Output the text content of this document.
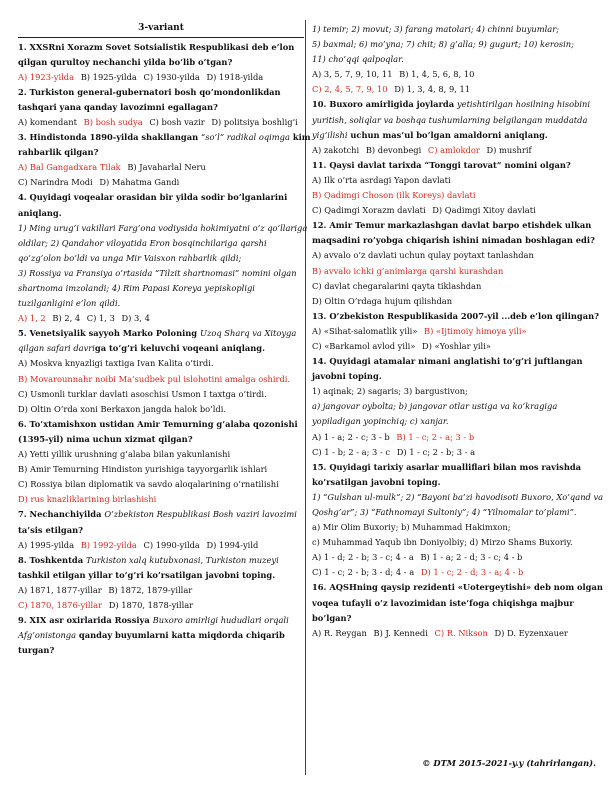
3-variant
1. XXSRni Xorazm Sovet Sotsialistik Respublikasi deb e’lon
qilgan qurultoy nechanchi yilda bo’lib o’tgan?
A) 1923-yilda B) 1925-yilda C) 1930-yilda D) 1918-yilda
2. Turkiston general-gubernatori bosh qo’mondonlikdan
tashqari yana qanday lavozimni egallagan?
A) komendant B) bosh sudya C) bosh vazir D) politsiya boshlig’i
3. Hindistonda 1890-yilda shakllangan “so’l” radikal oqimga kim
rahbarlik qilgan?
A) Bal Gangadxara Tilak B) Javaharlal Neru
C) Narindra Modi D) Mahatma Gandi
4. Quyidagi voqealar orasidan bir yilda sodir bo’lganlarini
aniqlang.
1) Ming urug’i vakillari Farg’ona vodiysida hokimiyatni o’z qo’llariga
oldilar; 2) Qandahor viloyatida Eron bosqinchilariga qarshi
qo’zg’olon bo’ldi va unga Mir Vaisxon rahbarlik qildi;
3) Rossiya va Fransiya o’rtasida “Tilzit shartnomasi” nomini olgan
shartnoma imzolandi; 4) Rim Papasi Koreya yepiskopligi
tuzilganligini e’lon qildi.
A) 1, 2 B) 2, 4 C) 1, 3 D) 3, 4
5. Venetsiyalik sayyoh Marko Poloning Uzoq Sharq va Xitoyga
qilgan safari davriga to’g’ri keluvchi voqeani aniqlang.
A) Moskva knyazligi taxtiga Ivan Kalita o’tirdi.
B) Movarounnahr noibi Ma’sudbek pul islohotini amalga oshirdi.
C) Usmonli turklar davlati asoschisi Usmon I taxtga o’tirdi.
D) Oltin O’rda xoni Berkaxon jangda halok bo’ldi.
6. To’xtamishxon ustidan Amir Temurning g’alaba qozonishi
(1395-yil) nima uchun xizmat qilgan?
A) Yetti yillik urushning g’alaba bilan yakunlanishi
B) Amir Temurning Hindiston yurishiga tayyorgarlik ishlari
C) Rossiya bilan diplomatik va savdo aloqalarining o’rnatilishi
D) rus knazliklarining birlashishi
7. Nechanchiyilda O’zbekiston Respublikasi Bosh vaziri lavozimi
ta’sis etilgan?
A) 1995-yilda B) 1992-yilda C) 1990-yilda D) 1994-yild
8. Toshkentda Turkiston xalq kutubxonasi, Turkiston muzeyi
tashkil etilgan yillar to’g’ri ko’rsatilgan javobni toping.
A) 1871, 1877-yillar B) 1872, 1879-yillar
C) 1870, 1876-yillar D) 1870, 1878-yillar
9. XIX asr oxirlarida Rossiya Buxoro amirligi hududlari orqali
Afg’onistonga qanday buyumlarni katta miqdorda chiqarib
turgan?
1) temir; 2) movut; 3) farang matolari; 4) chinni buyumlar;
5) baxmal; 6) mo’yna; 7) chit; 8) g’alla; 9) gugurt; 10) kerosin;
11) cho’qqi qalpoqlar.
A) 3, 5, 7, 9, 10, 11 B) 1, 4, 5, 6, 8, 10
C) 2, 4, 5, 7, 9, 10 D) 1, 3, 4, 8, 9, 11
10. Buxoro amirligida joylarda yetishtirilgan hosilning hisobini
yuritish, soliqlar va boshqa tushumlarning belgilangan muddatda
yig’ilishi uchun mas’ul bo’lgan amaldorni aniqlang.
A) zakotchi B) devonbegi C) amlokdor D) mushrif
11. Qaysi davlat tarixda “Tonggi tarovat” nomini olgan?
A) Ilk o’rta asrdagi Yapon davlati
B) Qadimgi Choson (ilk Koreys) davlati
C) Qadimgi Xorazm davlati D) Qadimgi Xitoy davlati
12. Amir Temur markazlashgan davlat barpo etishdek ulkan
maqsadini ro’yobga chiqarish ishini nimadan boshlagan edi?
A) avvalo o’z davlati uchun qulay poytaxt tanlashdan
B) avvalo ichki g’animlarga qarshi kurashdan
C) davlat chegaralarini qayta tiklashdan
D) Oltin O’rdaga hujum qilishdan
13. O’zbekiston Respublikasida 2007-yil ...deb e’lon qilingan?
A) «Sihat-salomatlik yili» B) «Ijtimoiy himoya yili»
C) «Barkamol avlod yili» D) «Yoshlar yili»
14. Quyidagi atamalar nimani anglatishi to’g’ri juftlangan
javobni toping.
1) aqinak; 2) sagaris; 3) bargustivon;
a) jangovar oybolta; b) jangovar otlar ustiga va ko’kragiga
yopiladigan yopinchiq; c) xanjar.
A) 1 - a; 2 - c; 3 - b B) 1 - c; 2 - a; 3 - b
C) 1 - b; 2 - a; 3 - c D) 1 - c; 2 - b; 3 - a
15. Quyidagi tarixiy asarlar mualliflari bilan mos ravishda
ko’rsatilgan javobni toping.
1) “Gulshan ul-mulk”; 2) “Bayoni ba’zi havodisoti Buxoro, Xo’qand va
Qoshg’ar”; 3) “Fathnomayi Sultoniy”; 4) “Yilnomalar to’plami”.
a) Mir Olim Buxoriy; b) Muhammad Hakimxon;
c) Muhammad Yaqub ibn Doniyolbiy; d) Mirzo Shams Buxoriy.
A) 1 - d; 2 - b; 3 - c; 4 - a B) 1 - a; 2 - d; 3 - c; 4 - b
C) 1 - c; 2 - b; 3 - d; 4 - a D) 1 - c; 2 - d; 3 - a; 4 - b
16. AQSHning qaysip rezidenti «Uotergeytishi» deb nom olgan
voqea tufayli o’z lavozimidan iste’foga chiqishga majbur
bo’lgan?
A) R. Reygan B) J. Kennedi C) R. Nikson D) D. Eyzenxauer
© DTM 2015-2021-y.y (tahrirlangan).
